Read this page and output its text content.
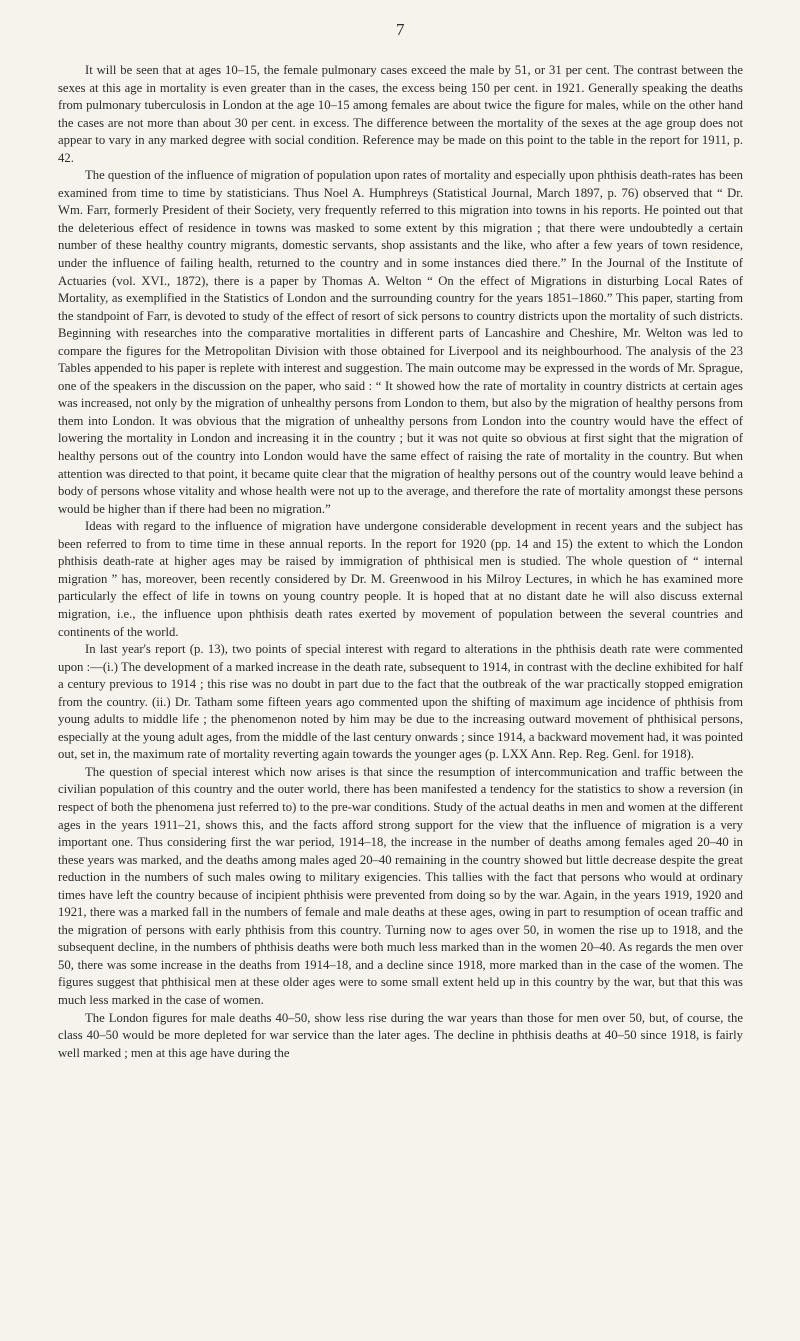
7

It will be seen that at ages 10–15, the female pulmonary cases exceed the male by 51, or 31 per cent. The contrast between the sexes at this age in mortality is even greater than in the cases, the excess being 150 per cent. in 1921. Generally speaking the deaths from pulmonary tuberculosis in London at the age 10–15 among females are about twice the figure for males, while on the other hand the cases are not more than about 30 per cent. in excess. The difference between the mortality of the sexes at the age group does not appear to vary in any marked degree with social condition. Reference may be made on this point to the table in the report for 1911, p. 42.

The question of the influence of migration of population upon rates of mortality and especially upon phthisis death-rates has been examined from time to time by statisticians. Thus Noel A. Humphreys (Statistical Journal, March 1897, p. 76) observed that “ Dr. Wm. Farr, formerly President of their Society, very frequently referred to this migration into towns in his reports. He pointed out that the deleterious effect of residence in towns was masked to some extent by this migration ; that there were undoubtedly a certain number of these healthy country migrants, domestic servants, shop assistants and the like, who after a few years of town residence, under the influence of failing health, returned to the country and in some instances died there.” In the Journal of the Institute of Actuaries (vol. XVI., 1872), there is a paper by Thomas A. Welton “ On the effect of Migrations in disturbing Local Rates of Mortality, as exemplified in the Statistics of London and the surrounding country for the years 1851–1860.” This paper, starting from the standpoint of Farr, is devoted to study of the effect of resort of sick persons to country districts upon the mortality of such districts. Beginning with researches into the comparative mortalities in different parts of Lancashire and Cheshire, Mr. Welton was led to compare the figures for the Metropolitan Division with those obtained for Liverpool and its neighbourhood. The analysis of the 23 Tables appended to his paper is replete with interest and suggestion. The main outcome may be expressed in the words of Mr. Sprague, one of the speakers in the discussion on the paper, who said : “ It showed how the rate of mortality in country districts at certain ages was increased, not only by the migration of unhealthy persons from London to them, but also by the migration of healthy persons from them into London. It was obvious that the migration of unhealthy persons from London into the country would have the effect of lowering the mortality in London and increasing it in the country ; but it was not quite so obvious at first sight that the migration of healthy persons out of the country into London would have the same effect of raising the rate of mortality in the country. But when attention was directed to that point, it became quite clear that the migration of healthy persons out of the country would leave behind a body of persons whose vitality and whose health were not up to the average, and therefore the rate of mortality amongst these persons would be higher than if there had been no migration.”

Ideas with regard to the influence of migration have undergone considerable development in recent years and the subject has been referred to from to time time in these annual reports. In the report for 1920 (pp. 14 and 15) the extent to which the London phthisis death-rate at higher ages may be raised by immigration of phthisical men is studied. The whole question of “ internal migration ” has, moreover, been recently considered by Dr. M. Greenwood in his Milroy Lectures, in which he has examined more particularly the effect of life in towns on young country people. It is hoped that at no distant date he will also discuss external migration, i.e., the influence upon phthisis death rates exerted by movement of population between the several countries and continents of the world.

In last year's report (p. 13), two points of special interest with regard to alterations in the phthisis death rate were commented upon :—(i.) The development of a marked increase in the death rate, subsequent to 1914, in contrast with the decline exhibited for half a century previous to 1914 ; this rise was no doubt in part due to the fact that the outbreak of the war practically stopped emigration from the country. (ii.) Dr. Tatham some fifteen years ago commented upon the shifting of maximum age incidence of phthisis from young adults to middle life ; the phenomenon noted by him may be due to the increasing outward movement of phthisical persons, especially at the young adult ages, from the middle of the last century onwards ; since 1914, a backward movement had, it was pointed out, set in, the maximum rate of mortality reverting again towards the younger ages (p. LXX Ann. Rep. Reg. Genl. for 1918).

The question of special interest which now arises is that since the resumption of intercommunication and traffic between the civilian population of this country and the outer world, there has been manifested a tendency for the statistics to show a reversion (in respect of both the phenomena just referred to) to the pre-war conditions. Study of the actual deaths in men and women at the different ages in the years 1911–21, shows this, and the facts afford strong support for the view that the influence of migration is a very important one. Thus considering first the war period, 1914–18, the increase in the number of deaths among females aged 20–40 in these years was marked, and the deaths among males aged 20–40 remaining in the country showed but little decrease despite the great reduction in the numbers of such males owing to military exigencies. This tallies with the fact that persons who would at ordinary times have left the country because of incipient phthisis were prevented from doing so by the war. Again, in the years 1919, 1920 and 1921, there was a marked fall in the numbers of female and male deaths at these ages, owing in part to resumption of ocean traffic and the migration of persons with early phthisis from this country. Turning now to ages over 50, in women the rise up to 1918, and the subsequent decline, in the numbers of phthisis deaths were both much less marked than in the women 20–40. As regards the men over 50, there was some increase in the deaths from 1914–18, and a decline since 1918, more marked than in the case of the women. The figures suggest that phthisical men at these older ages were to some small extent held up in this country by the war, but that this was much less marked in the case of women.

The London figures for male deaths 40–50, show less rise during the war years than those for men over 50, but, of course, the class 40–50 would be more depleted for war service than the later ages. The decline in phthisis deaths at 40–50 since 1918, is fairly well marked ; men at this age have during the
